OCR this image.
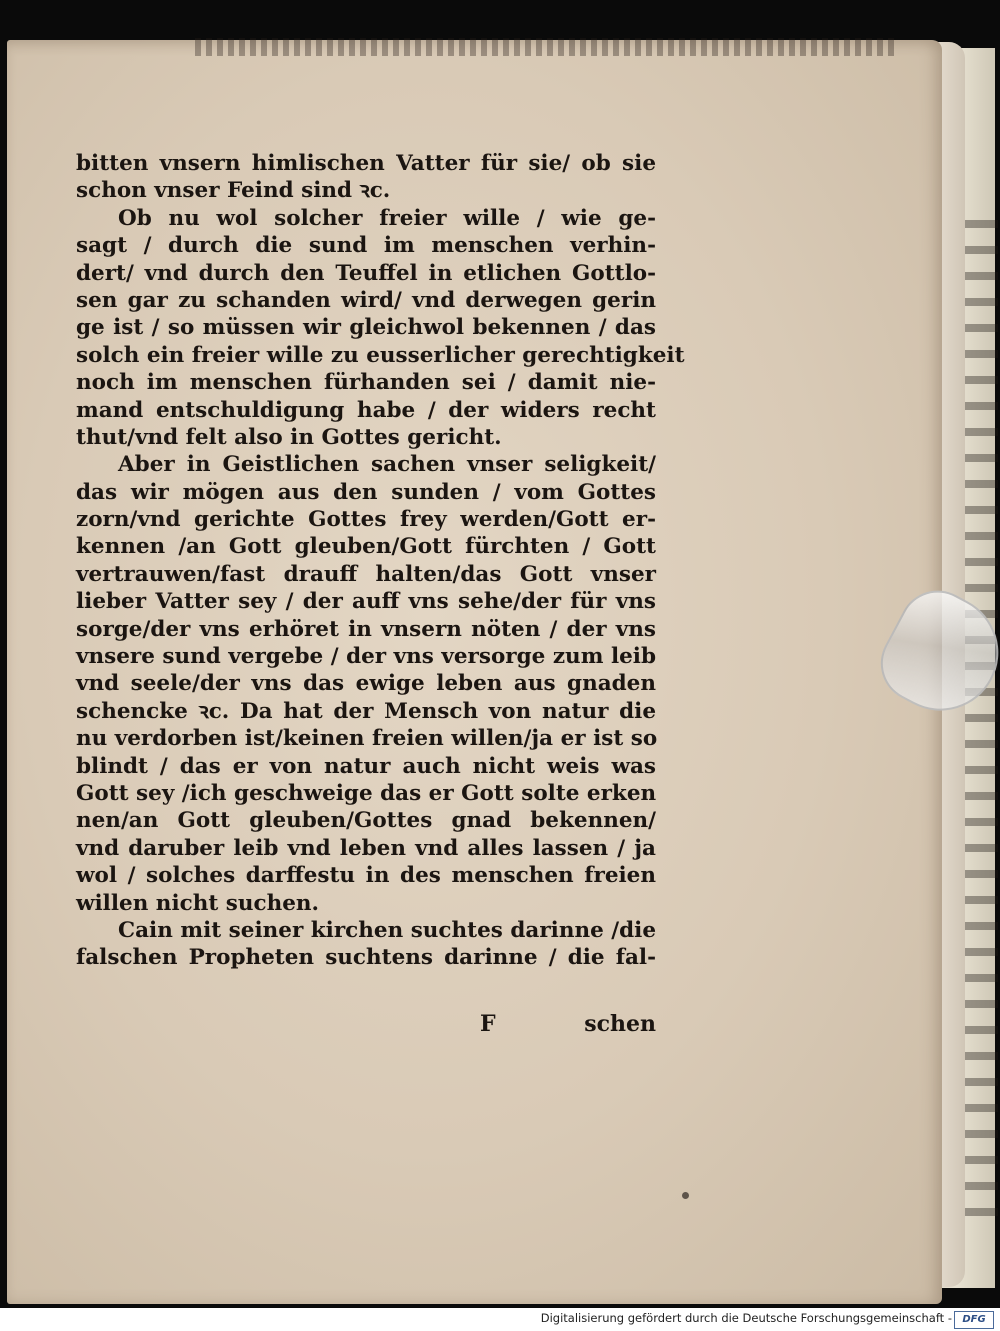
bitten vnsern himlischen Vatter für sie/ ob sie
schon vnser Feind sind ꝛc.
Ob nu wol solcher freier wille / wie ge-
sagt / durch die sund im menschen verhin-
dert/ vnd durch den Teuffel in etlichen Gottlo-
sen gar zu schanden wird/ vnd derwegen gerin
ge ist / so müssen wir gleichwol bekennen / das
solch ein freier wille zu eusserlicher gerechtigkeit
noch im menschen fürhanden sei / damit nie-
mand entschuldigung habe / der widers recht
thut/vnd felt also in Gottes gericht.
Aber in Geistlichen sachen vnser seligkeit/
das wir mögen aus den sunden / vom Gottes
zorn/vnd gerichte Gottes frey werden/Gott er-
kennen /an Gott gleuben/Gott fürchten / Gott
vertrauwen/fast drauff halten/das Gott vnser
lieber Vatter sey / der auff vns sehe/der für vns
sorge/der vns erhöret in vnsern nöten / der vns
vnsere sund vergebe / der vns versorge zum leib
vnd seele/der vns das ewige leben aus gnaden
schencke ꝛc. Da hat der Mensch von natur die
nu verdorben ist/keinen freien willen/ja er ist so
blindt / das er von natur auch nicht weis was
Gott sey /ich geschweige das er Gott solte erken
nen/an Gott gleuben/Gottes gnad bekennen/
vnd daruber leib vnd leben vnd alles lassen / ja
wol / solches darffestu in des menschen freien
willen nicht suchen.
Cain mit seiner kirchen suchtes darinne /die
falschen Propheten suchtens darinne / die fal-
F	schen
Digitalisierung gefördert durch die Deutsche Forschungsgemeinschaft -	DFG
